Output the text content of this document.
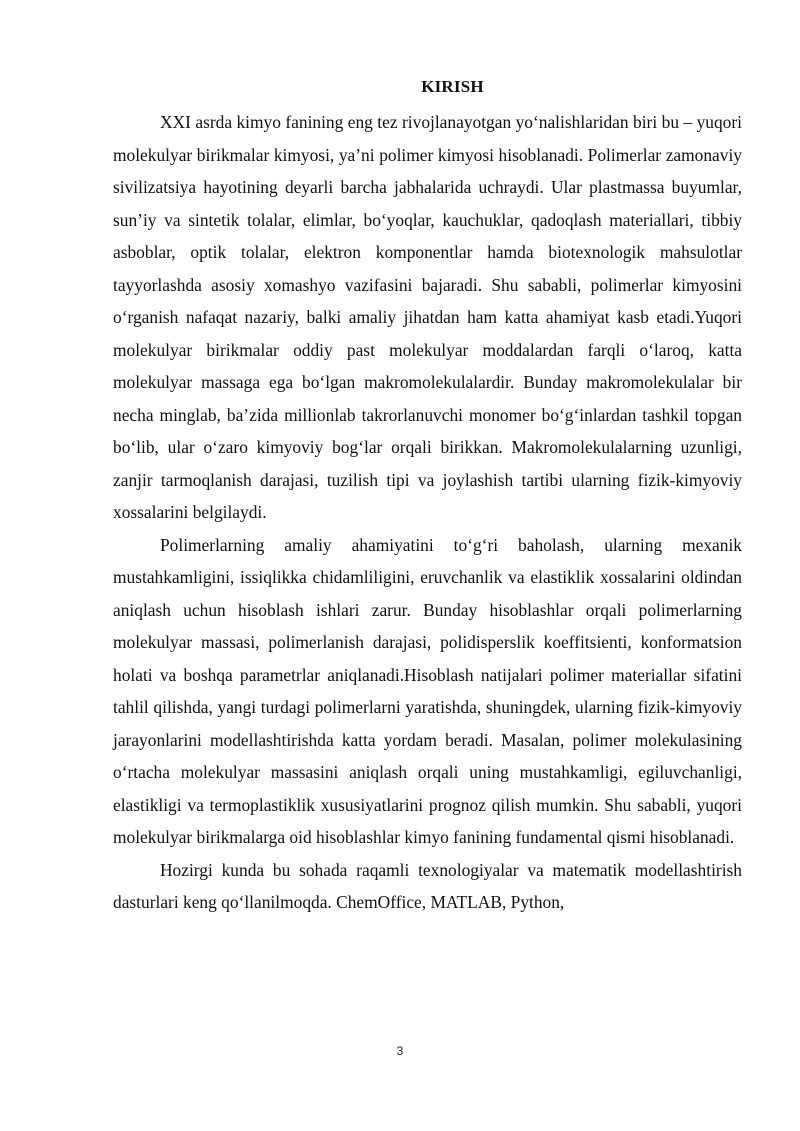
KIRISH

XXI asrda kimyo fanining eng tez rivojlanayotgan yo‘nalishlaridan biri bu – yuqori molekulyar birikmalar kimyosi, ya’ni polimer kimyosi hisoblanadi. Polimerlar zamonaviy sivilizatsiya hayotining deyarli barcha jabhalarida uchraydi. Ular plastmassa buyumlar, sun’iy va sintetik tolalar, elimlar, bo‘yoqlar, kauchuklar, qadoqlash materiallari, tibbiy asboblar, optik tolalar, elektron komponentlar hamda biotexnologik mahsulotlar tayyorlashda asosiy xomashyo vazifasini bajaradi. Shu sababli, polimerlar kimyosini o‘rganish nafaqat nazariy, balki amaliy jihatdan ham katta ahamiyat kasb etadi.Yuqori molekulyar birikmalar oddiy past molekulyar moddalardan farqli o‘laroq, katta molekulyar massaga ega bo‘lgan makromolekulalardir. Bunday makromolekulalar bir necha minglab, ba’zida millionlab takrorlanuvchi monomer bo‘g‘inlardan tashkil topgan bo‘lib, ular o‘zaro kimyoviy bog‘lar orqali birikkan. Makromolekulalarning uzunligi, zanjir tarmoqlanish darajasi, tuzilish tipi va joylashish tartibi ularning fizik-kimyoviy xossalarini belgilaydi.

Polimerlarning amaliy ahamiyatini to‘g‘ri baholash, ularning mexanik mustahkamligini, issiqlikka chidamliligini, eruvchanlik va elastiklik xossalarini oldindan aniqlash uchun hisoblash ishlari zarur. Bunday hisoblashlar orqali polimerlarning molekulyar massasi, polimerlanish darajasi, polidisperslik koeffitsienti, konformatsion holati va boshqa parametrlar aniqlanadi.Hisoblash natijalari polimer materiallar sifatini tahlil qilishda, yangi turdagi polimerlarni yaratishda, shuningdek, ularning fizik-kimyoviy jarayonlarini modellashtirishda katta yordam beradi. Masalan, polimer molekulasining o‘rtacha molekulyar massasini aniqlash orqali uning mustahkamligi, egiluvchanligi, elastikligi va termoplastiklik xususiyatlarini prognoz qilish mumkin. Shu sababli, yuqori molekulyar birikmalarga oid hisoblashlar kimyo fanining fundamental qismi hisoblanadi.

Hozirgi kunda bu sohada raqamli texnologiyalar va matematik modellashtirish dasturlari keng qo‘llanilmoqda. ChemOffice, MATLAB, Python,

3
